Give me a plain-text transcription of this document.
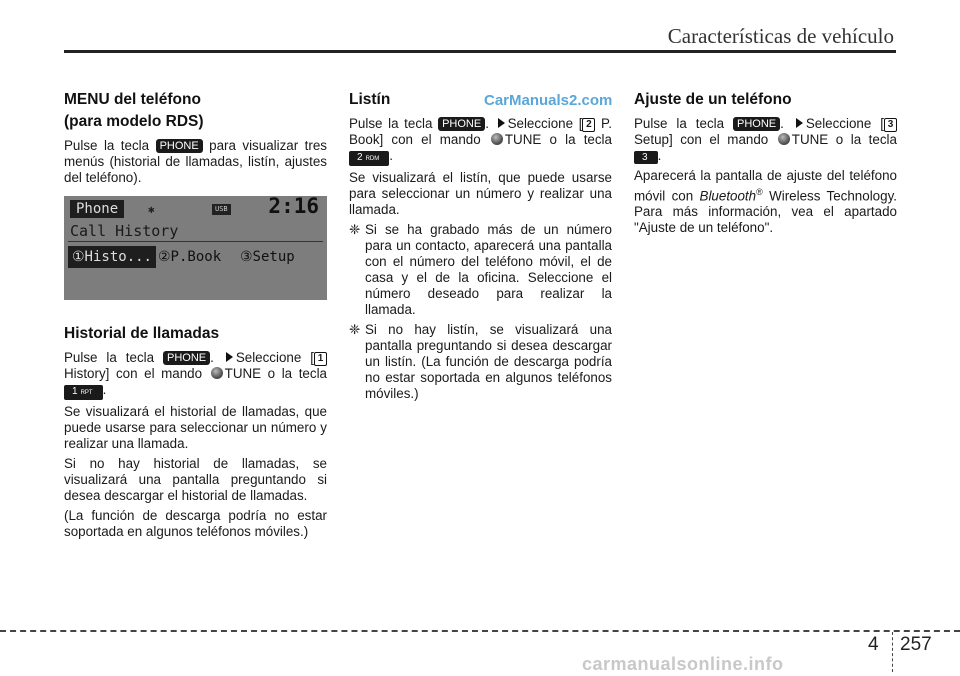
Características de vehículo
CarManuals2.com
MENU del teléfono
(para modelo RDS)

Pulse la tecla PHONE para visualizar tres menús (historial de llamadas, listín, ajustes del teléfono).

Phone	✱	USB 2:16
Call History
①Histo... ②P.Book ③Setup
Historial de llamadas

Pulse la tecla PHONE . Seleccione [ 1 History] con el mando TUNE o la tecla 1 RPT .

Se visualizará el historial de llamadas, que puede usarse para seleccionar un número y realizar una llamada.

Si no hay historial de llamadas, se visualizará una pantalla preguntando si desea descargar el historial de llamadas.

(La función de descarga podría no estar soportada en algunos teléfonos móviles.)

Listín

Pulse la tecla PHONE . Seleccione [ 2 P. Book] con el mando TUNE o la tecla 2 RDM .

Se visualizará el listín, que puede usarse para seleccionar un número y realizar una llamada.

❈ Si se ha grabado más de un número para un contacto, aparecerá una pantalla con el número del teléfono móvil, el de casa y el de la oficina. Seleccione el número deseado para realizar la llamada.
❈ Si no hay listín, se visualizará una pantalla preguntando si desea descargar un listín. (La función de descarga podría no estar soportada en algunos teléfonos móviles.)
Ajuste de un teléfono

Pulse la tecla PHONE . Seleccione [ 3 Setup] con el mando TUNE o la tecla 3 .

Aparecerá la pantalla de ajuste del teléfono móvil con Bluetooth® Wireless Technology. Para más información, vea el apartado "Ajuste de un teléfono".

4 257
carmanualsonline.info
